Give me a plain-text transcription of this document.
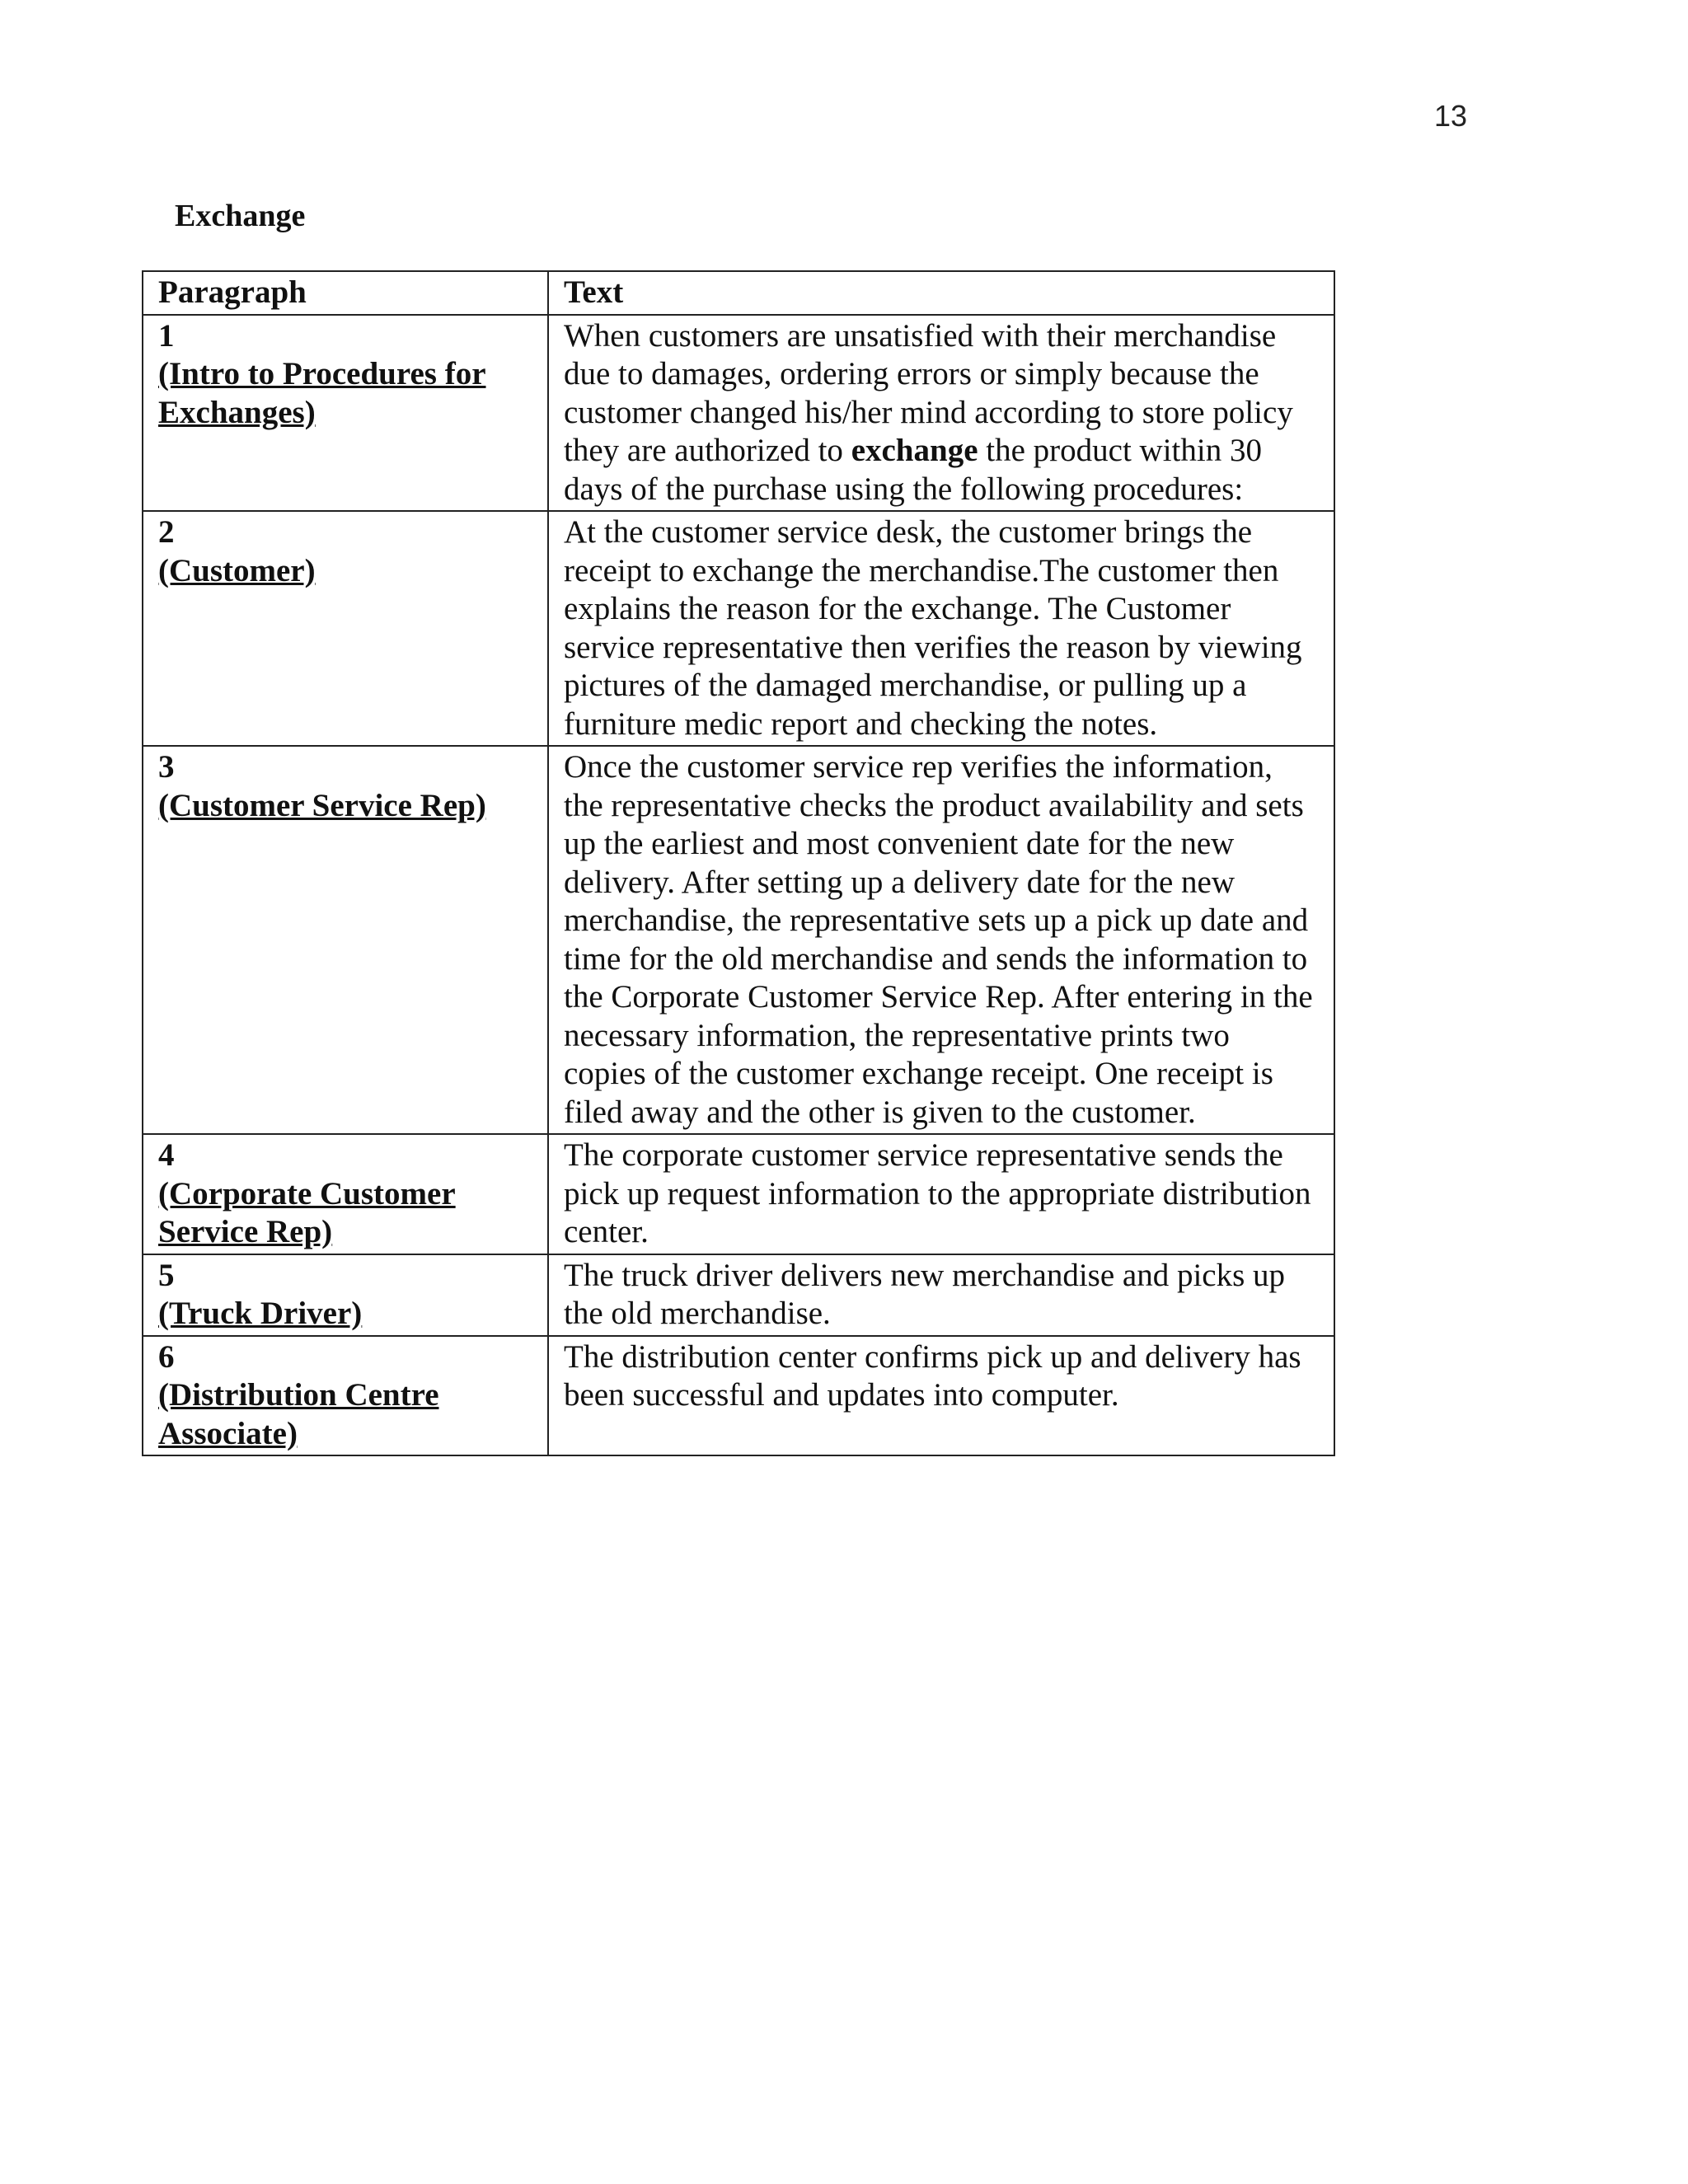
13
Exchange
Paragraph	Text

1
(Intro to Procedures for Exchanges)	When customers are unsatisfied with their merchandise due to damages, ordering errors or simply because the customer changed his/her mind according to store policy they are authorized to exchange the product within 30 days of the purchase using the following procedures:

2
(Customer)	At the customer service desk, the customer brings the receipt to exchange the merchandise.The customer then explains the reason for the exchange. The Customer service representative then verifies the reason by viewing pictures of the damaged merchandise, or pulling up a furniture medic report and checking the notes.

3
(Customer Service Rep)	Once the customer service rep verifies the information, the representative checks the product availability and sets up the earliest and most convenient date for the new delivery. After setting up a delivery date for the new merchandise, the representative sets up a pick up date and time for the old merchandise and sends the information to the Corporate Customer Service Rep. After entering in the necessary information, the representative prints two copies of the customer exchange receipt. One receipt is filed away and the other is given to the customer.

4
(Corporate Customer Service Rep)	The corporate customer service representative sends the pick up request information to the appropriate distribution center.

5
(Truck Driver)	The truck driver delivers new merchandise and picks up the old merchandise.

6
(Distribution Centre Associate)	The distribution center confirms pick up and delivery has been successful and updates into computer.
